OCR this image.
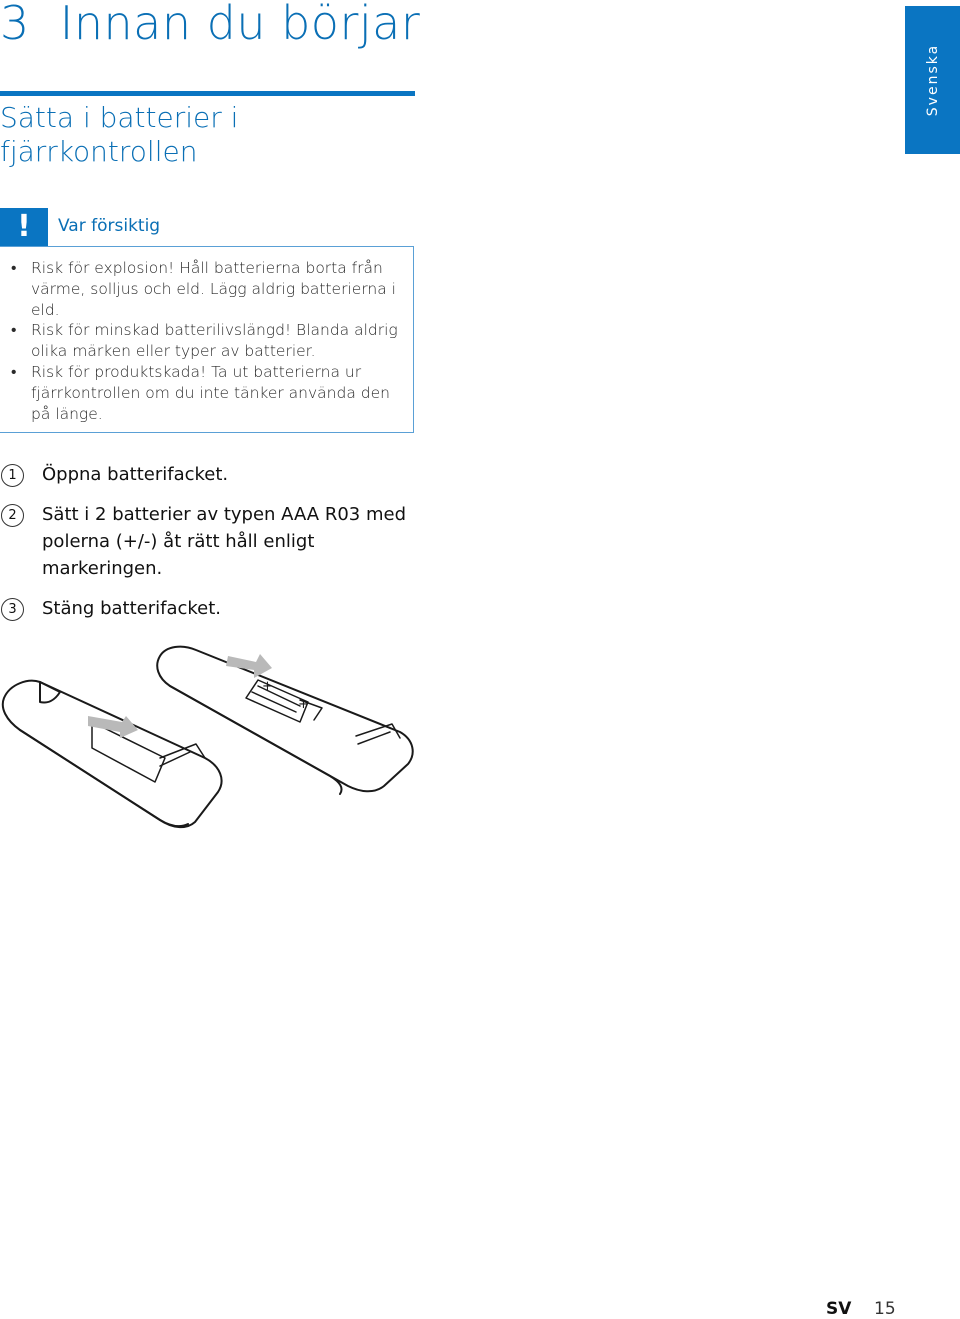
3 Innan du börjar
Svenska
Sätta i batterier i fjärrkontrollen
!	Var försiktig
• Risk för explosion! Håll batterierna borta från värme, solljus och eld. Lägg aldrig batterierna i eld.
• Risk för minskad batterilivslängd! Blanda aldrig olika märken eller typer av batterier.
• Risk för produktskada! Ta ut batterierna ur fjärrkontrollen om du inte tänker använda den på länge.
1	Öppna batterifacket.
2	Sätt i 2 batterier av typen AAA R03 med polerna (+/-) åt rätt håll enligt markeringen.
3	Stäng batterifacket.
+
+
SV 15
